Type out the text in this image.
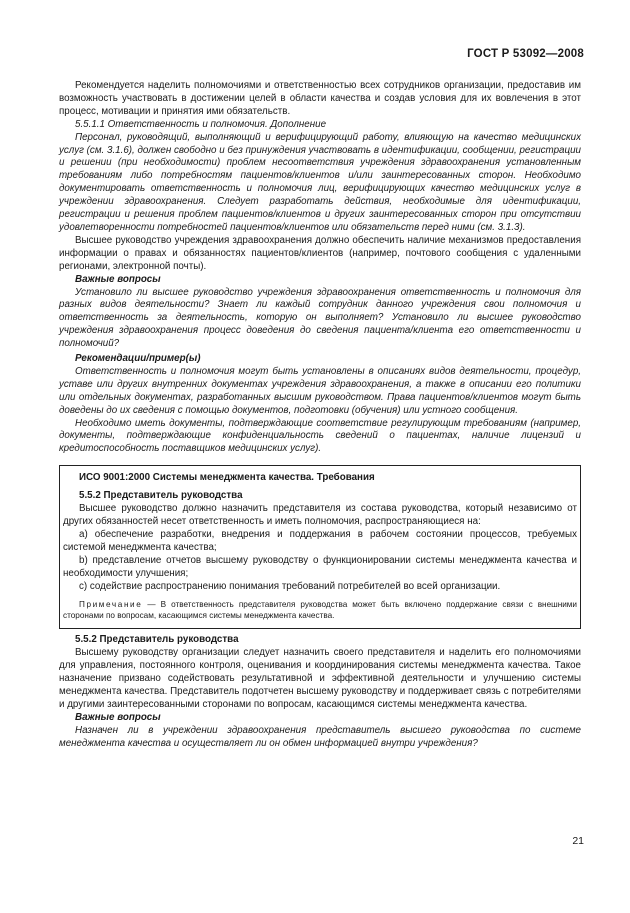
ГОСТ Р 53092—2008

Рекомендуется наделить полномочиями и ответственностью всех сотрудников организации, предоставив им возможность участвовать в достижении целей в области качества и создав условия для их вовлечения в этот процесс, мотивации и принятия ими обязательств.

5.5.1.1 Ответственность и полномочия. Дополнение

Персонал, руководящий, выполняющий и верифицирующий работу, влияющую на качество медицинских услуг (см. 3.1.6), должен свободно и без принуждения участвовать в идентификации, сообщении, регистрации и решении (при необходимости) проблем несоответствия учреждения здравоохранения установленным требованиям либо потребностям пациентов/клиентов и/или заинтересованных сторон. Необходимо документировать ответственность и полномочия лиц, верифицирующих качество медицинских услуг в учреждении здравоохранения. Следует разработать действия, необходимые для идентификации, регистрации и решения проблем пациентов/клиентов и других заинтересованных сторон при отсутствии удовлетворенности потребностей пациентов/клиентов или обязательств перед ними (см. 3.1.3).

Высшее руководство учреждения здравоохранения должно обеспечить наличие механизмов предоставления информации о правах и обязанностях пациентов/клиентов (например, почтового сообщения с удаленными регионами, электронной почты).

Важные вопросы

Установило ли высшее руководство учреждения здравоохранения ответственность и полномочия для разных видов деятельности? Знает ли каждый сотрудник данного учреждения свои полномочия и ответственность за деятельность, которую он выполняет? Установило ли высшее руководство учреждения здравоохранения процесс доведения до сведения пациента/клиента его ответственности и полномочий?

Рекомендации/пример(ы)

Ответственность и полномочия могут быть установлены в описаниях видов деятельности, процедур, уставе или других внутренних документах учреждения здравоохранения, а также в описании его политики или отдельных документах, разработанных высшим руководством. Права пациентов/клиентов могут быть доведены до их сведения с помощью документов, подготовки (обучения) или устного сообщения.

Необходимо иметь документы, подтверждающие соответствие регулирующим требованиям (например, документы, подтверждающие конфиденциальность сведений о пациентах, наличие лицензий и кредитоспособность поставщиков медицинских услуг).

ИСО 9001:2000 Системы менеджмента качества. Требования

5.5.2 Представитель руководства

Высшее руководство должно назначить представителя из состава руководства, который независимо от других обязанностей несет ответственность и иметь полномочия, распространяющиеся на:

а) обеспечение разработки, внедрения и поддержания в рабочем состоянии процессов, требуемых системой менеджмента качества;

b) представление отчетов высшему руководству о функционировании системы менеджмента качества и необходимости улучшения;

с) содействие распространению понимания требований потребителей во всей организации.

Примечание — В ответственность представителя руководства может быть включено поддержание связи с внешними сторонами по вопросам, касающимся системы менеджмента качества.

5.5.2 Представитель руководства

Высшему руководству организации следует назначить своего представителя и наделить его полномочиями для управления, постоянного контроля, оценивания и координирования системы менеджмента качества. Такое назначение призвано содействовать результативной и эффективной деятельности и улучшению системы менеджмента качества. Представитель подотчетен высшему руководству и поддерживает связь с потребителями и другими заинтересованными сторонами по вопросам, касающимся системы менеджмента качества.

Важные вопросы

Назначен ли в учреждении здравоохранения представитель высшего руководства по системе менеджмента качества и осуществляет ли он обмен информацией внутри учреждения?

21
